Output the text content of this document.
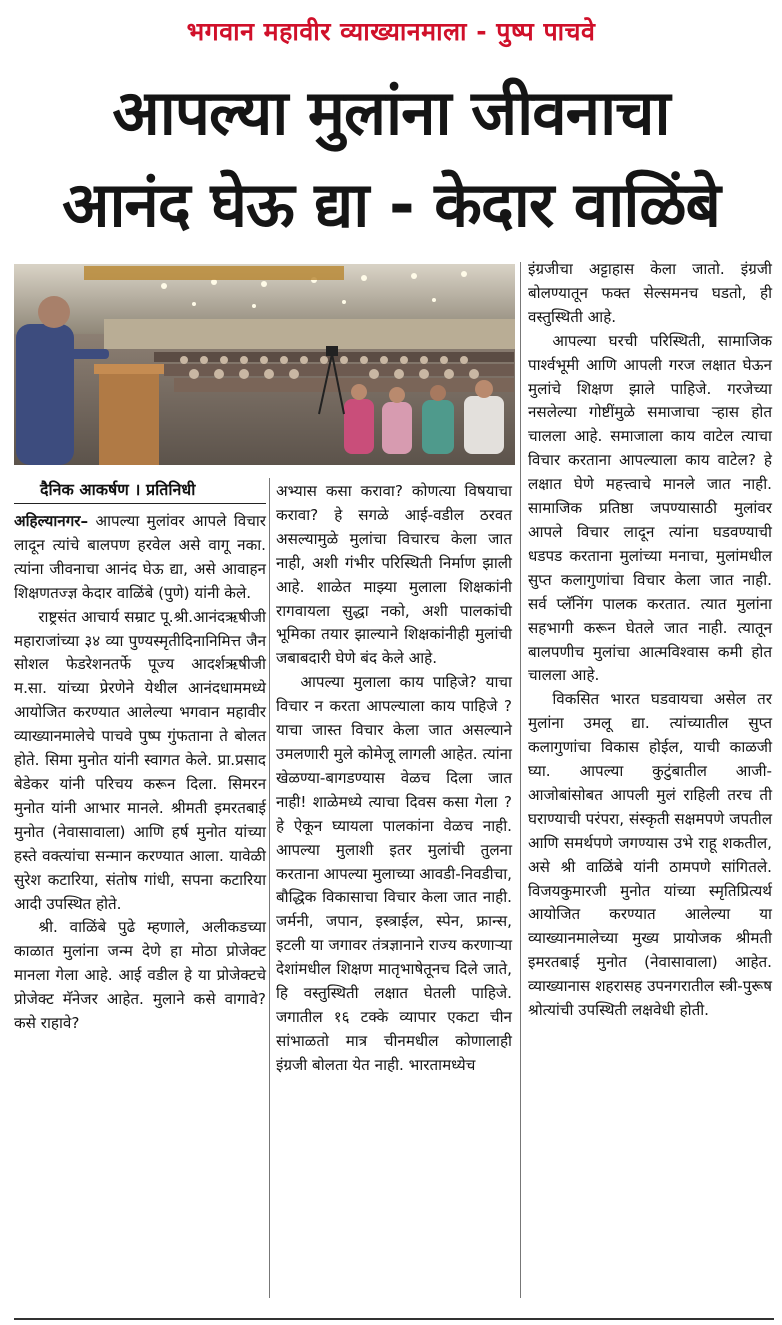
भगवान महावीर व्याख्यानमाला - पुष्प पाचवे
आपल्या मुलांना जीवनाचा
आनंद घेऊ द्या - केदार वाळिंबे
दैनिक आकर्षण । प्रतिनिधी

अहिल्यानगर– आपल्या मुलांवर आपले विचार लादून त्यांचे बालपण हरवेल असे वागू नका. त्यांना जीवनाचा आनंद घेऊ द्या, असे आवाहन शिक्षणतज्ज्ञ केदार वाळिंबे (पुणे) यांनी केले.

राष्ट्रसंत आचार्य सम्राट पू.श्री.आनंदऋषीजी महाराजांच्या ३४ व्या पुण्यस्मृतीदिनानिमित्त जैन सोशल फेडरेशनतर्फे पूज्य आदर्शऋषीजी म.सा. यांच्या प्रेरणेने येथील आनंदधाममध्ये आयोजित करण्यात आलेल्या भगवान महावीर व्याख्यानमालेचे पाचवे पुष्प गुंफताना ते बोलत होते. सिमा मुनोत यांनी स्वागत केले. प्रा.प्रसाद बेडेकर यांनी परिचय करून दिला. सिमरन मुनोत यांनी आभार मानले. श्रीमती इमरतबाई मुनोत (नेवासावाला) आणि हर्ष मुनोत यांच्या हस्ते वक्त्यांचा सन्मान करण्यात आला. यावेळी सुरेश कटारिया, संतोष गांधी, सपना कटारिया आदी उपस्थित होते.

श्री. वाळिंबे पुढे म्हणाले, अलीकडच्या काळात मुलांना जन्म देणे हा मोठा प्रोजेक्ट मानला गेला आहे. आई वडील हे या प्रोजेक्टचे प्रोजेक्ट मॅनेजर आहेत. मुलाने कसे वागावे? कसे राहावे?

अभ्यास कसा करावा? कोणत्या विषयाचा करावा? हे सगळे आई-वडील ठरवत असल्यामुळे मुलांचा विचारच केला जात नाही, अशी गंभीर परिस्थिती निर्माण झाली आहे. शाळेत माझ्या मुलाला शिक्षकांनी रागवायला सुद्धा नको, अशी पालकांची भूमिका तयार झाल्याने शिक्षकांनीही मुलांची जबाबदारी घेणे बंद केले आहे.

आपल्या मुलाला काय पाहिजे? याचा विचार न करता आपल्याला काय पाहिजे ? याचा जास्त विचार केला जात असल्याने उमलणारी मुले कोमेजू लागली आहेत. त्यांना खेळण्या-बागडण्यास वेळच दिला जात नाही! शाळेमध्ये त्याचा दिवस कसा गेला ? हे ऐकून घ्यायला पालकांना वेळच नाही. आपल्या मुलाशी इतर मुलांची तुलना करताना आपल्या मुलाच्या आवडी-निवडीचा, बौद्धिक विकासाचा विचार केला जात नाही. जर्मनी, जपान, इस्त्राईल, स्पेन, फ्रान्स, इटली या जगावर तंत्रज्ञानाने राज्य करणाऱ्या देशांमधील शिक्षण मातृभाषेतूनच दिले जाते, हि वस्तुस्थिती लक्षात घेतली पाहिजे. जगातील १६ टक्के व्यापार एकटा चीन सांभाळतो मात्र चीनमधील कोणालाही इंग्रजी बोलता येत नाही. भारतामध्येच

इंग्रजीचा अट्टाहास केला जातो. इंग्रजी बोलण्यातून फक्त सेल्समनच घडतो, ही वस्तुस्थिती आहे.

आपल्या घरची परिस्थिती, सामाजिक पार्श्वभूमी आणि आपली गरज लक्षात घेऊन मुलांचे शिक्षण झाले पाहिजे. गरजेच्या नसलेल्या गोष्टींमुळे समाजाचा ऱ्हास होत चालला आहे. समाजाला काय वाटेल त्याचा विचार करताना आपल्याला काय वाटेल? हे लक्षात घेणे महत्त्वाचे मानले जात नाही. सामाजिक प्रतिष्ठा जपण्यासाठी मुलांवर आपले विचार लादून त्यांना घडवण्याची धडपड करताना मुलांच्या मनाचा, मुलांमधील सुप्त कलागुणांचा विचार केला जात नाही. सर्व प्लॅनिंग पालक करतात. त्यात मुलांना सहभागी करून घेतले जात नाही. त्यातून बालपणीच मुलांचा आत्मविश्वास कमी होत चालला आहे.

विकसित भारत घडवायचा असेल तर मुलांना उमलू द्या. त्यांच्यातील सुप्त कलागुणांचा विकास होईल, याची काळजी घ्या. आपल्या कुटुंबातील आजी-आजोबांसोबत आपली मुलं राहिली तरच ती घराण्याची परंपरा, संस्कृती सक्षमपणे जपतील आणि समर्थपणे जगण्यास उभे राहू शकतील, असे श्री वाळिंबे यांनी ठामपणे सांगितले. विजयकुमारजी मुनोत यांच्या स्मृतिप्रित्यर्थ आयोजित करण्यात आलेल्या या व्याख्यानमालेच्या मुख्य प्रायोजक श्रीमती इमरतबाई मुनोत (नेवासावाला) आहेत. व्याख्यानास शहरासह उपनगरातील स्त्री-पुरूष श्रोत्यांची उपस्थिती लक्षवेधी होती.
